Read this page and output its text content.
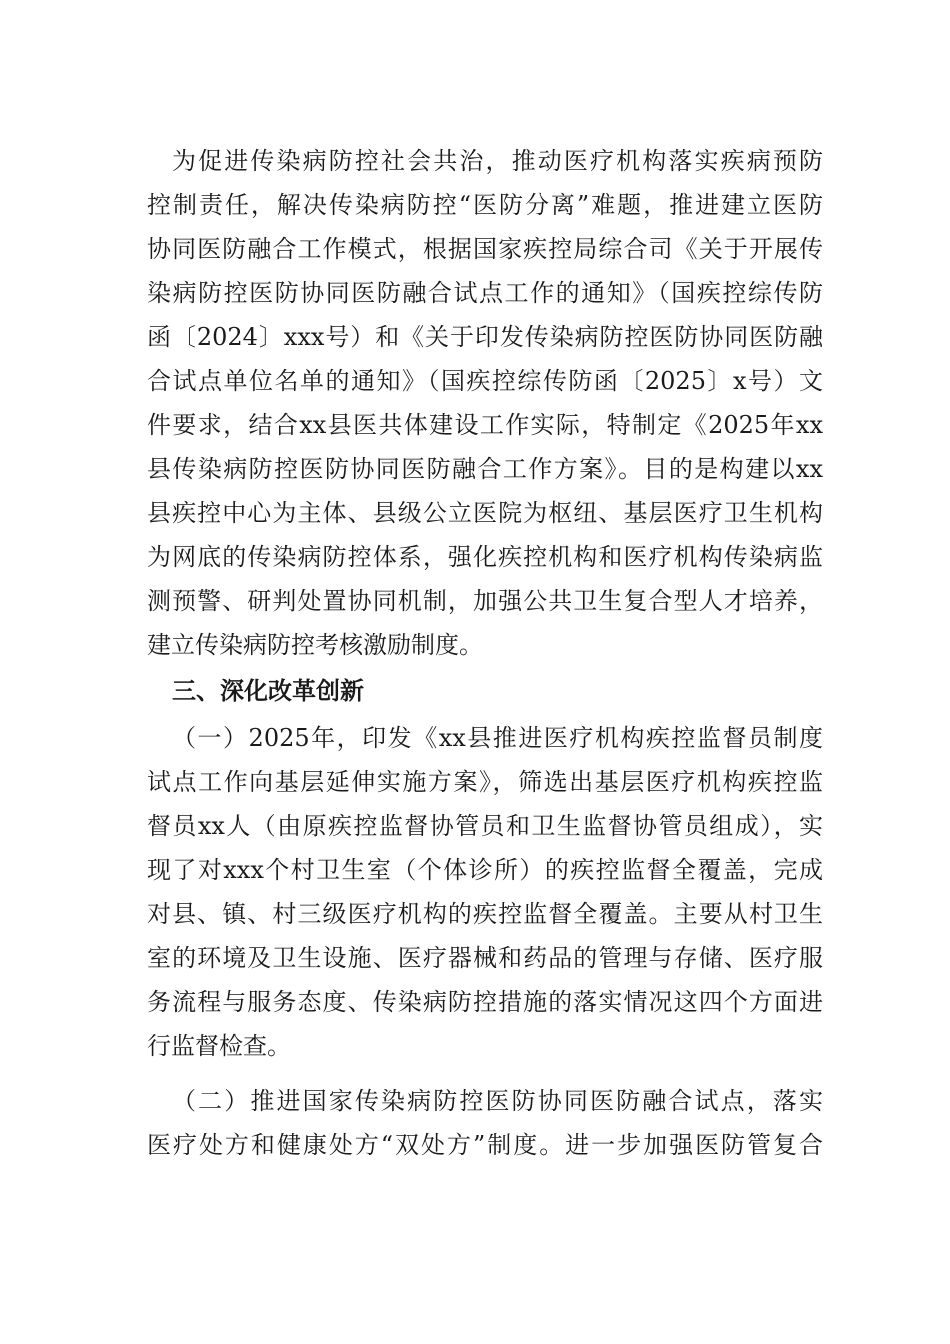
为促进传染病防控社会共治，推动医疗机构落实疾病预防
控制责任，解决传染病防控“医防分离”难题，推进建立医防
协同医防融合工作模式，根据国家疾控局综合司《关于开展传
染病防控医防协同医防融合试点工作的通知》（国疾控综传防
函〔2024〕xxx号）和《关于印发传染病防控医防协同医防融
合试点单位名单的通知》（国疾控综传防函〔2025〕x号）文
件要求，结合xx县医共体建设工作实际，特制定《2025年xx
县传染病防控医防协同医防融合工作方案》。目的是构建以xx
县疾控中心为主体、县级公立医院为枢纽、基层医疗卫生机构
为网底的传染病防控体系，强化疾控机构和医疗机构传染病监
测预警、研判处置协同机制，加强公共卫生复合型人才培养，
建立传染病防控考核激励制度。
三、深化改革创新
（一）2025年，印发《xx县推进医疗机构疾控监督员制度
试点工作向基层延伸实施方案》，筛选出基层医疗机构疾控监
督员xx人（由原疾控监督协管员和卫生监督协管员组成），实
现了对xxx个村卫生室（个体诊所）的疾控监督全覆盖，完成
对县、镇、村三级医疗机构的疾控监督全覆盖。主要从村卫生
室的环境及卫生设施、医疗器械和药品的管理与存储、医疗服
务流程与服务态度、传染病防控措施的落实情况这四个方面进
行监督检查。
（二）推进国家传染病防控医防协同医防融合试点，落实
医疗处方和健康处方“双处方”制度。进一步加强医防管复合
